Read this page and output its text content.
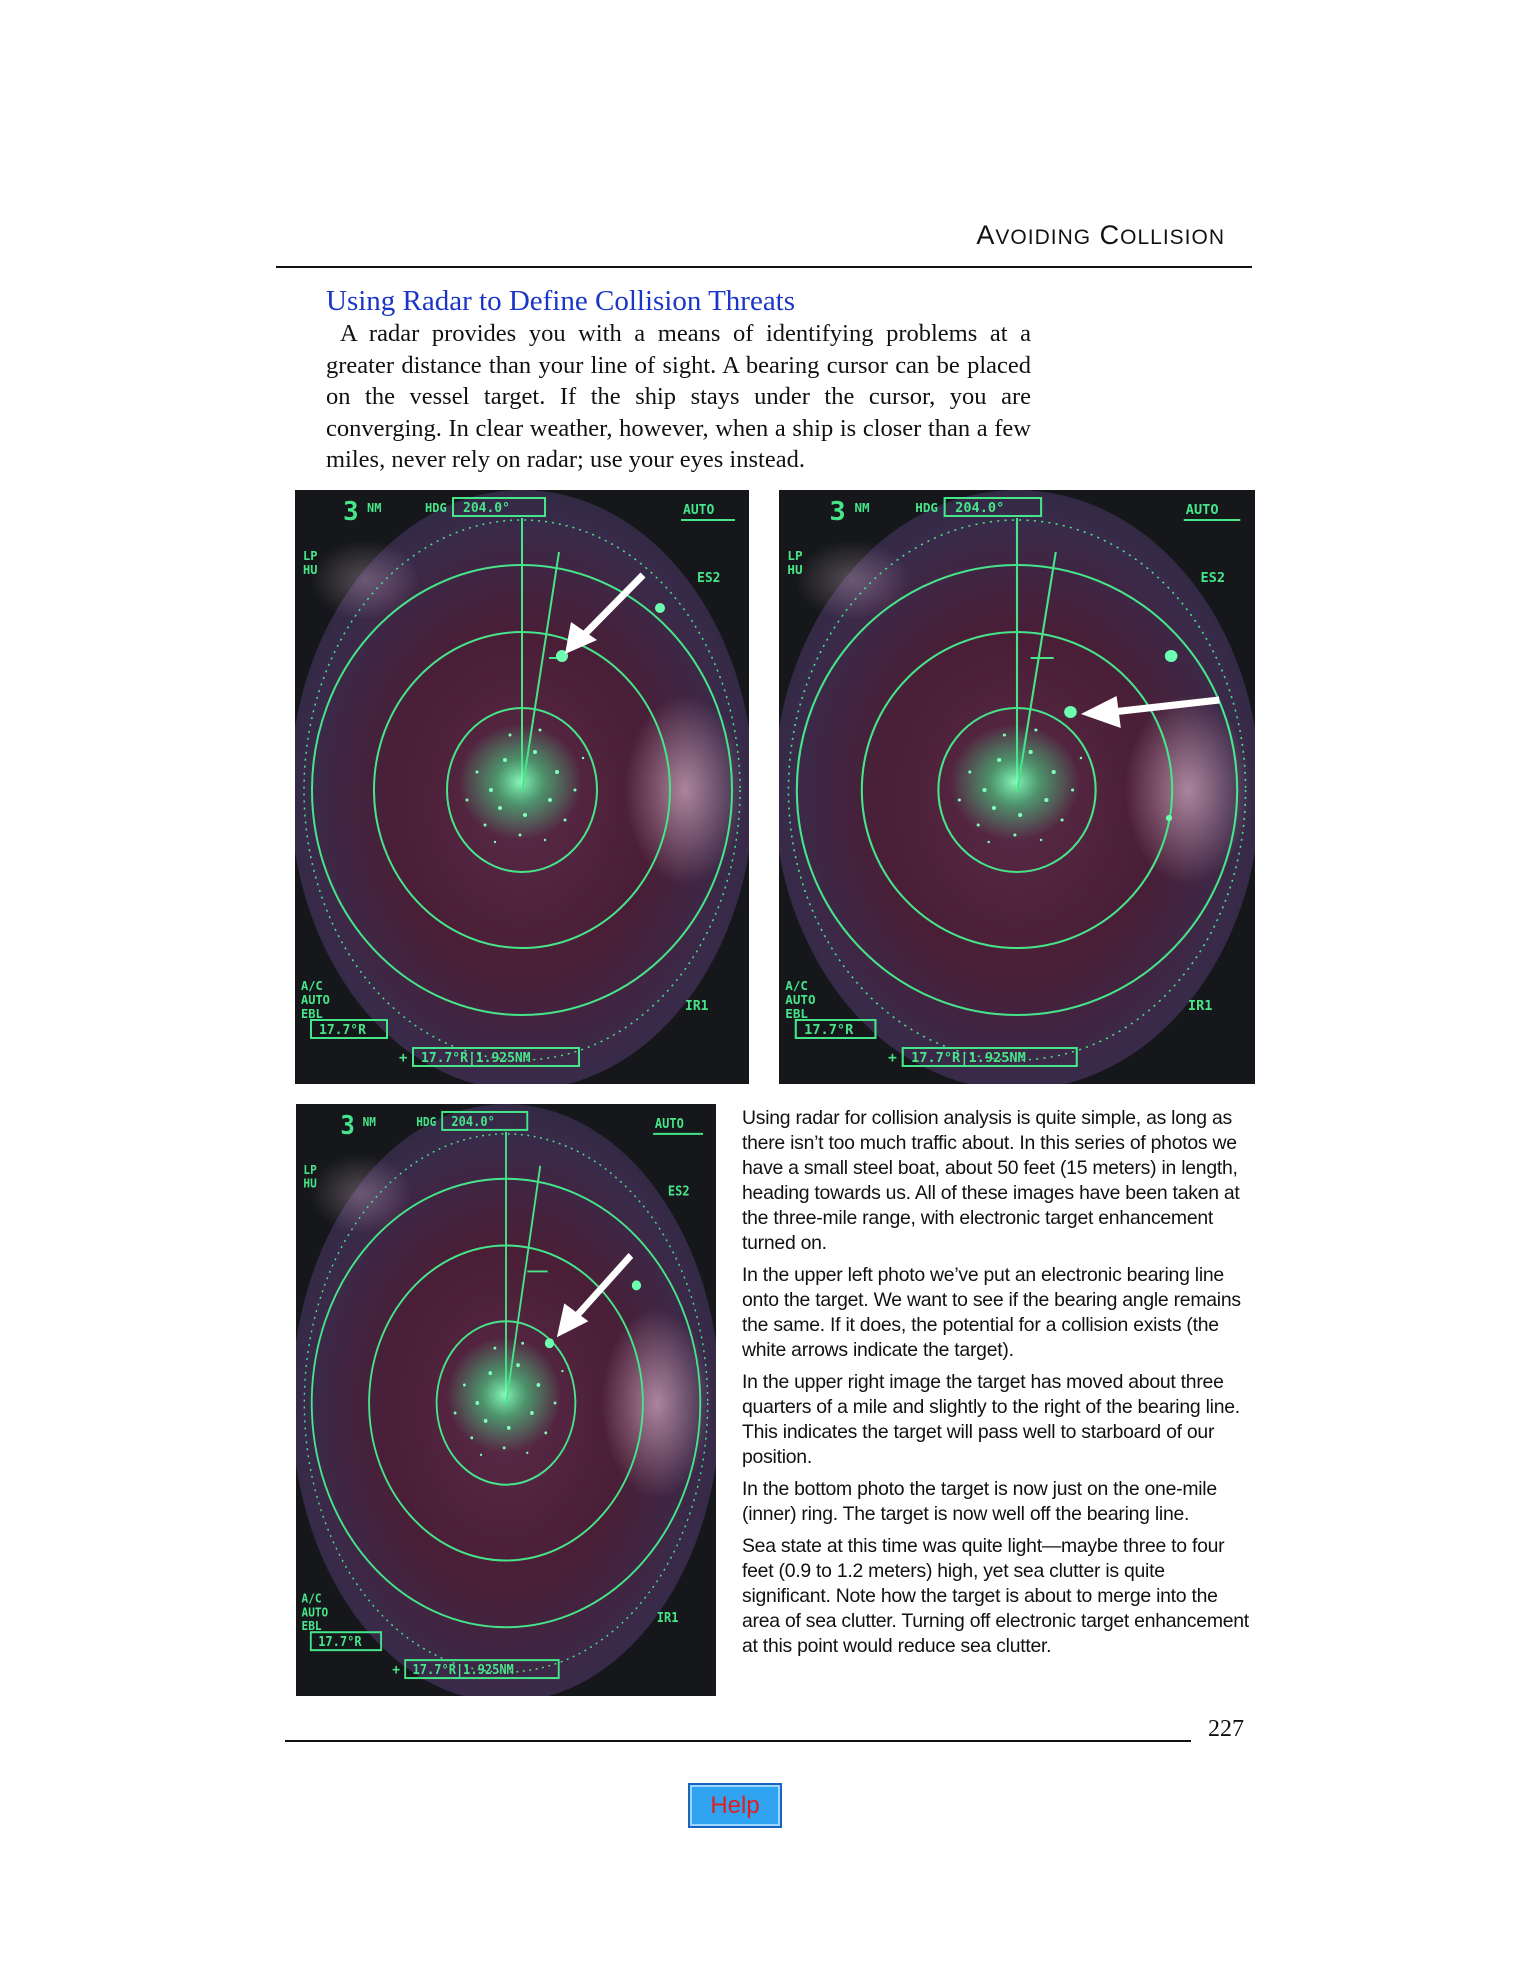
AVOIDING COLLISION
Using Radar to Define Collision Threats

A radar provides you with a means of identifying problems at a greater distance than your line of sight. A bearing cursor can be placed on the vessel target. If the ship stays under the cursor, you are converging. In clear weather, however, when a ship is closer than a few miles, never rely on radar; use your eyes instead.

Using radar for collision analysis is quite simple, as long as there isn’t too much traffic about. In this series of photos we have a small steel boat, about 50 feet (15 meters) in length, heading towards us. All of these images have been taken at the three-mile range, with electronic target enhancement turned on.

In the upper left photo we’ve put an electronic bearing line onto the target. We want to see if the bearing angle remains the same. If it does, the potential for a collision exists (the white arrows indicate the target).

In the upper right image the target has moved about three quarters of a mile and slightly to the right of the bearing line. This indicates the target will pass well to starboard of our position.

In the bottom photo the target is now just on the one-mile (inner) ring. The target is now well off the bearing line.

Sea state at this time was quite light—maybe three to four feet (0.9 to 1.2 meters) high, yet sea clutter is quite significant. Note how the target is about to merge into the area of sea clutter. Turning off electronic target enhancement at this point would reduce sea clutter.

227
Help
